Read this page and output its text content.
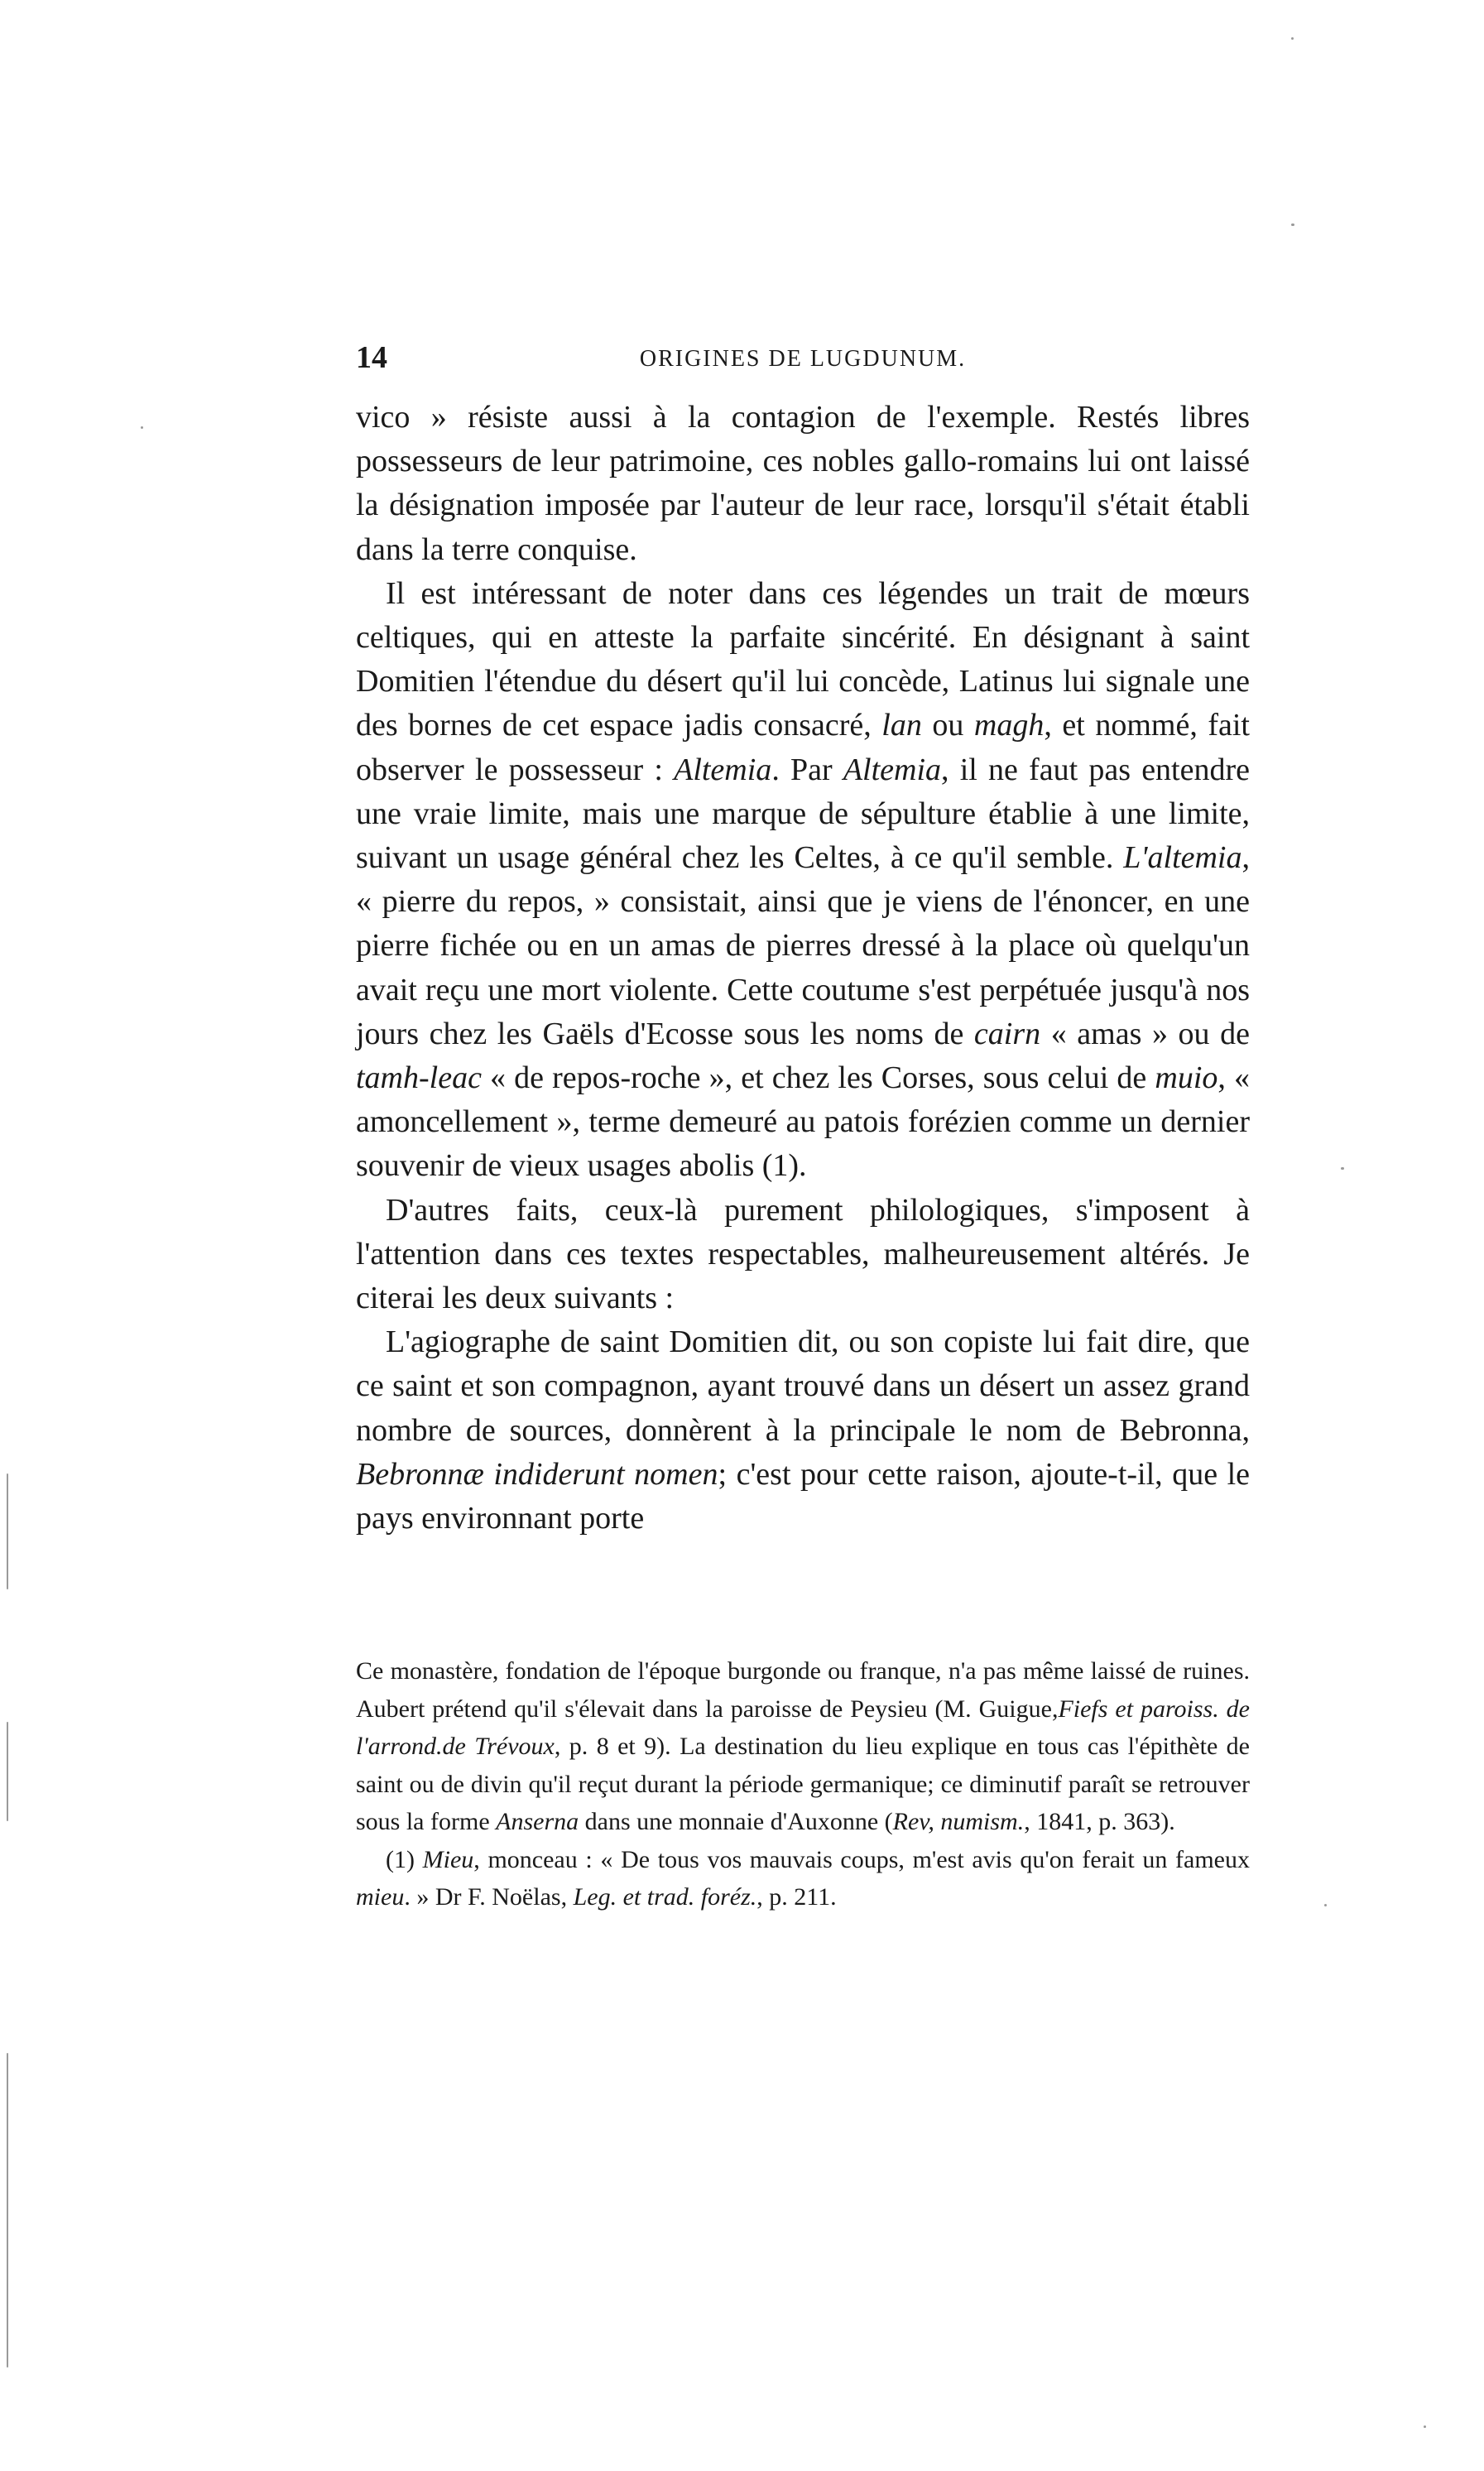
14	ORIGINES DE LUGDUNUM.

vico » résiste aussi à la contagion de l'exemple. Restés libres possesseurs de leur patrimoine, ces nobles gallo-romains lui ont laissé la désignation imposée par l'auteur de leur race, lorsqu'il s'était établi dans la terre conquise.

Il est intéressant de noter dans ces légendes un trait de mœurs celtiques, qui en atteste la parfaite sincérité. En désignant à saint Domitien l'étendue du désert qu'il lui concède, Latinus lui signale une des bornes de cet espace jadis consacré, lan ou magh, et nommé, fait observer le possesseur : Altemia. Par Altemia, il ne faut pas entendre une vraie limite, mais une marque de sépulture établie à une limite, suivant un usage général chez les Celtes, à ce qu'il semble. L'altemia, « pierre du repos, » consistait, ainsi que je viens de l'énoncer, en une pierre fichée ou en un amas de pierres dressé à la place où quelqu'un avait reçu une mort violente. Cette coutume s'est perpétuée jusqu'à nos jours chez les Gaëls d'Ecosse sous les noms de cairn « amas » ou de tamh-leac « de repos-roche », et chez les Corses, sous celui de muio, « amoncellement », terme demeuré au patois forézien comme un dernier souvenir de vieux usages abolis (1).

D'autres faits, ceux-là purement philologiques, s'imposent à l'attention dans ces textes respectables, malheureusement altérés. Je citerai les deux suivants :

L'agiographe de saint Domitien dit, ou son copiste lui fait dire, que ce saint et son compagnon, ayant trouvé dans un désert un assez grand nombre de sources, donnèrent à la principale le nom de Bebronna, Bebronnæ indiderunt nomen; c'est pour cette raison, ajoute-t-il, que le pays environnant porte

Ce monastère, fondation de l'époque burgonde ou franque, n'a pas même laissé de ruines. Aubert prétend qu'il s'élevait dans la paroisse de Peysieu (M. Guigue,Fiefs et paroiss. de l'arrond.de Trévoux, p. 8 et 9). La destination du lieu explique en tous cas l'épithète de saint ou de divin qu'il reçut durant la période germanique; ce diminutif paraît se retrouver sous la forme Anserna dans une monnaie d'Auxonne (Rev, numism., 1841, p. 363).

(1) Mieu, monceau : « De tous vos mauvais coups, m'est avis qu'on ferait un fameux mieu. » Dr F. Noëlas, Leg. et trad. foréz., p. 211.
